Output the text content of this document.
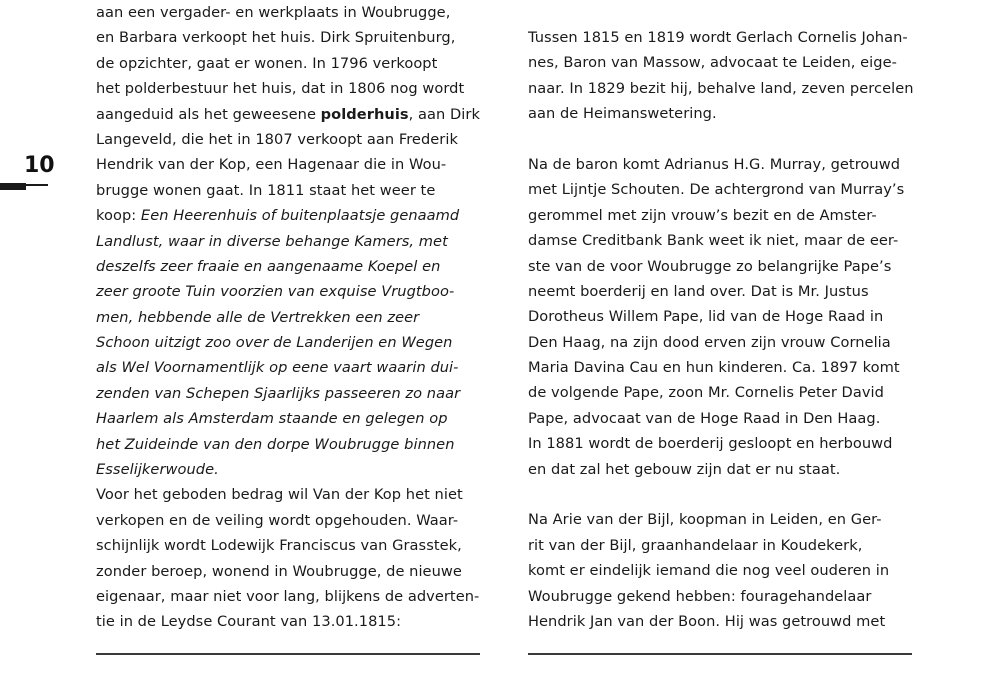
10
aan een vergader- en werkplaats in Woubrugge,
en Barbara verkoopt het huis. Dirk Spruitenburg,
de opzichter, gaat er wonen. In 1796 verkoopt
het polderbestuur het huis, dat in 1806 nog wordt
aangeduid als het geweesene polderhuis, aan Dirk
Langeveld, die het in 1807 verkoopt aan Frederik
Hendrik van der Kop, een Hagenaar die in Wou-
brugge wonen gaat. In 1811 staat het weer te
koop: Een Heerenhuis of buitenplaatsje genaamd
Landlust, waar in diverse behange Kamers, met
deszelfs zeer fraaie en aangenaame Koepel en
zeer groote Tuin voorzien van exquise Vrugtboo-
men, hebbende alle de Vertrekken een zeer
Schoon uitzigt zoo over de Landerijen en Wegen
als Wel Voornamentlijk op eene vaart waarin dui-
zenden van Schepen Sjaarlijks passeeren zo naar
Haarlem als Amsterdam staande en gelegen op
het Zuideinde van den dorpe Woubrugge binnen
Esselijkerwoude.
Voor het geboden bedrag wil Van der Kop het niet
verkopen en de veiling wordt opgehouden. Waar-
schijnlijk wordt Lodewijk Franciscus van Grasstek,
zonder beroep, wonend in Woubrugge, de nieuwe
eigenaar, maar niet voor lang, blijkens de adverten-
tie in de Leydse Courant van 13.01.1815:
Tussen 1815 en 1819 wordt Gerlach Cornelis Johan-
nes, Baron van Massow, advocaat te Leiden, eige-
naar. In 1829 bezit hij, behalve land, zeven percelen
aan de Heimanswetering.
Na de baron komt Adrianus H.G. Murray, getrouwd
met Lijntje Schouten. De achtergrond van Murray’s
gerommel met zijn vrouw’s bezit en de Amster-
damse Creditbank Bank weet ik niet, maar de eer-
ste van de voor Woubrugge zo belangrijke Pape’s
neemt boerderij en land over. Dat is Mr. Justus
Dorotheus Willem Pape, lid van de Hoge Raad in
Den Haag, na zijn dood erven zijn vrouw Cornelia
Maria Davina Cau en hun kinderen. Ca. 1897 komt
de volgende Pape, zoon Mr. Cornelis Peter David
Pape, advocaat van de Hoge Raad in Den Haag.
In 1881 wordt de boerderij gesloopt en herbouwd
en dat zal het gebouw zijn dat er nu staat.
Na Arie van der Bijl, koopman in Leiden, en Ger-
rit van der Bijl, graanhandelaar in Koudekerk,
komt er eindelijk iemand die nog veel ouderen in
Woubrugge gekend hebben: fouragehandelaar
Hendrik Jan van der Boon. Hij was getrouwd met
